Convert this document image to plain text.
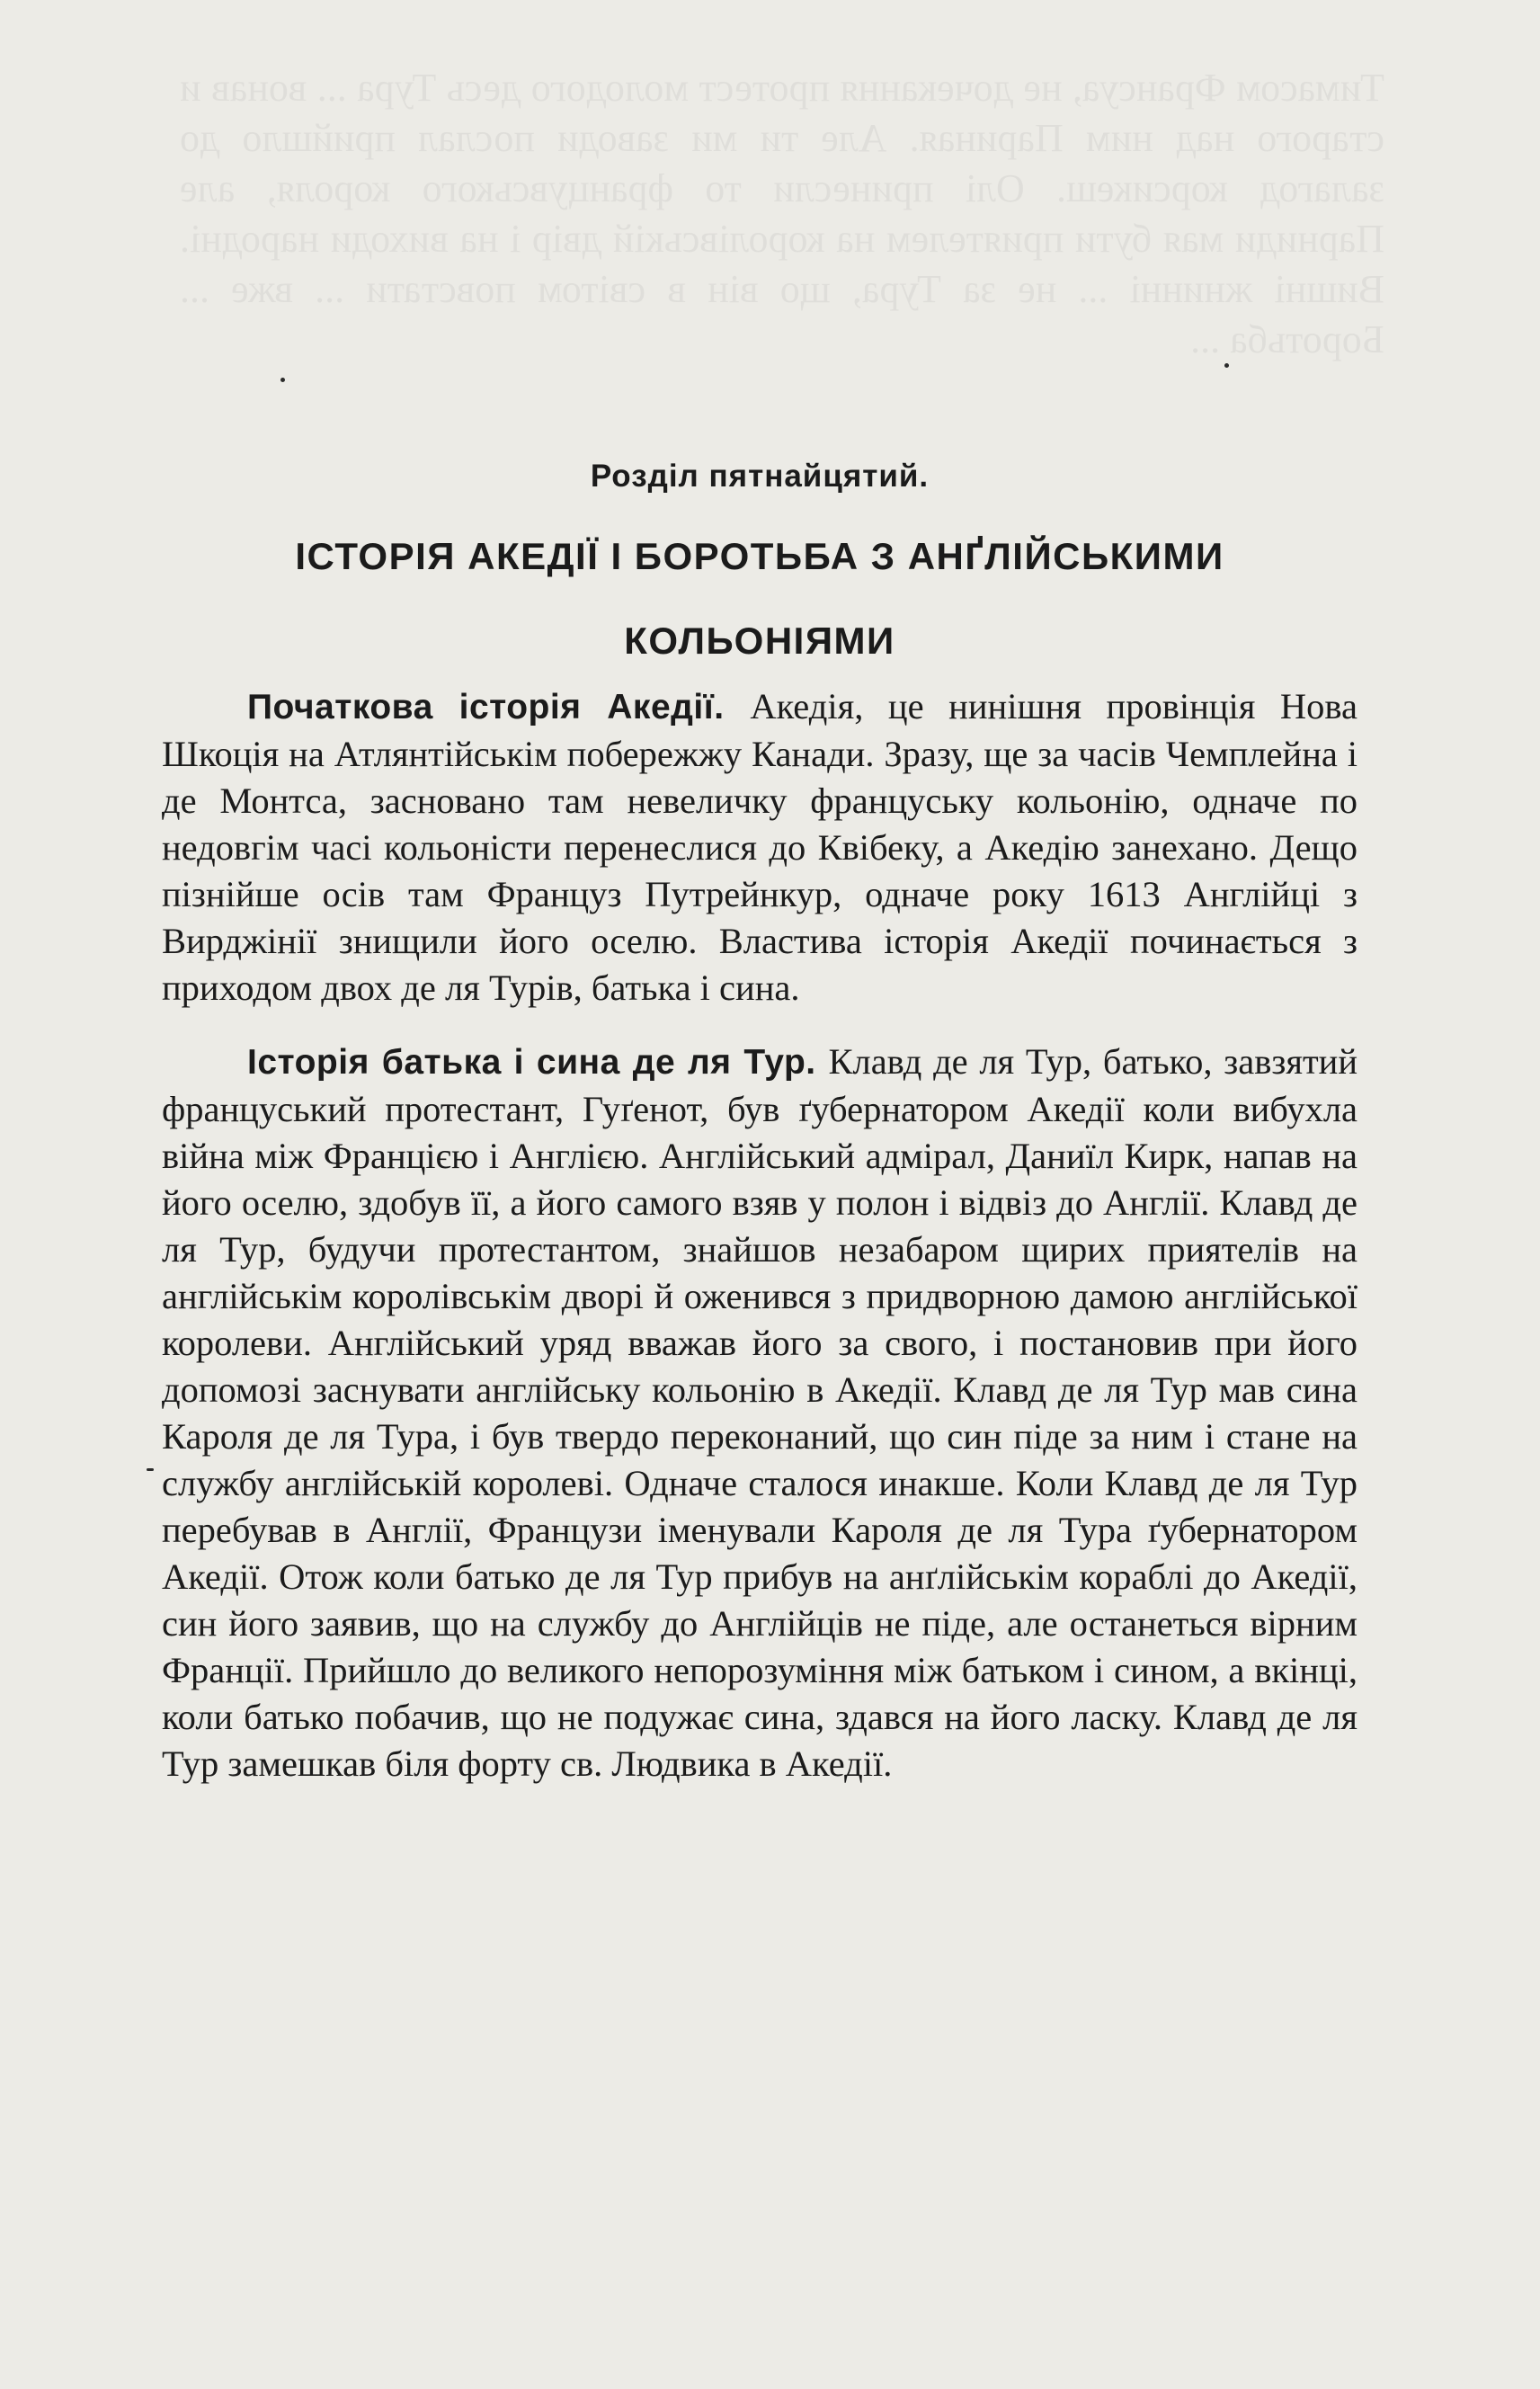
Тимасом Франсуа, не дочекання протест молодого десь Тура ... вонав и старого над ним Париная. Але ти ми заводи послал прийшло до залагод корсикеш. Олі принесли то францувського короля, але Парниди мая бути приятелем на королівській двір і на виходи народні. Вишні жнинні ... не за Тура, що він в світом повстати ... вже ... Боротьба ...
Розділ пятнайцятий.
ІСТОРІЯ АКЕДІЇ І БОРОТЬБА З АНҐЛІЙСЬКИМИ
КОЛЬОНІЯМИ

Початкова історія Акедії. Акедія, це нинішня провінція Нова Шкоція на Атлянтійськім побережжу Канади. Зразу, ще за часів Чемплейна і де Монтса, засновано там невеличку француську кольонію, одначе по недовгім часі кольоністи перенеслися до Квібеку, а Акедію занехано. Дещо пізнійше осів там Француз Путрейнкур, одначе року 1613 Англійці з Вирджінії знищили його оселю. Властива історія Акедії починається з приходом двох де ля Турів, батька і сина.

Історія батька і сина де ля Тур. Клавд де ля Тур, батько, завзятий француський протестант, Гуґенот, був ґубернатором Акедії коли вибухла війна між Францією і Англією. Англійський адмірал, Даниїл Кирк, напав на його оселю, здобув її, а його самого взяв у полон і відвіз до Англії. Клавд де ля Тур, будучи протестантом, знайшов незабаром щирих приятелів на англійськім королівськім дворі й оженився з придворною дамою англійської королеви. Англійський уряд вважав його за свого, і постановив при його допомозі заснувати англійську кольонію в Акедії. Клавд де ля Тур мав сина Кароля де ля Тура, і був твердо переконаний, що син піде за ним і стане на службу англійській королеві. Одначе сталося инакше. Коли Клавд де ля Тур перебував в Англії, Французи іменували Кароля де ля Тура ґубернатором Акедії. Отож коли батько де ля Тур прибув на анґлійськім кораблі до Акедії, син його заявив, що на службу до Англійців не піде, але останеться вірним Франції. Прийшло до великого непорозуміння між батьком і сином, а вкінці, коли батько побачив, що не подужає сина, здався на його ласку. Клавд де ля Тур замешкав біля форту св. Людвика в Акедії.
